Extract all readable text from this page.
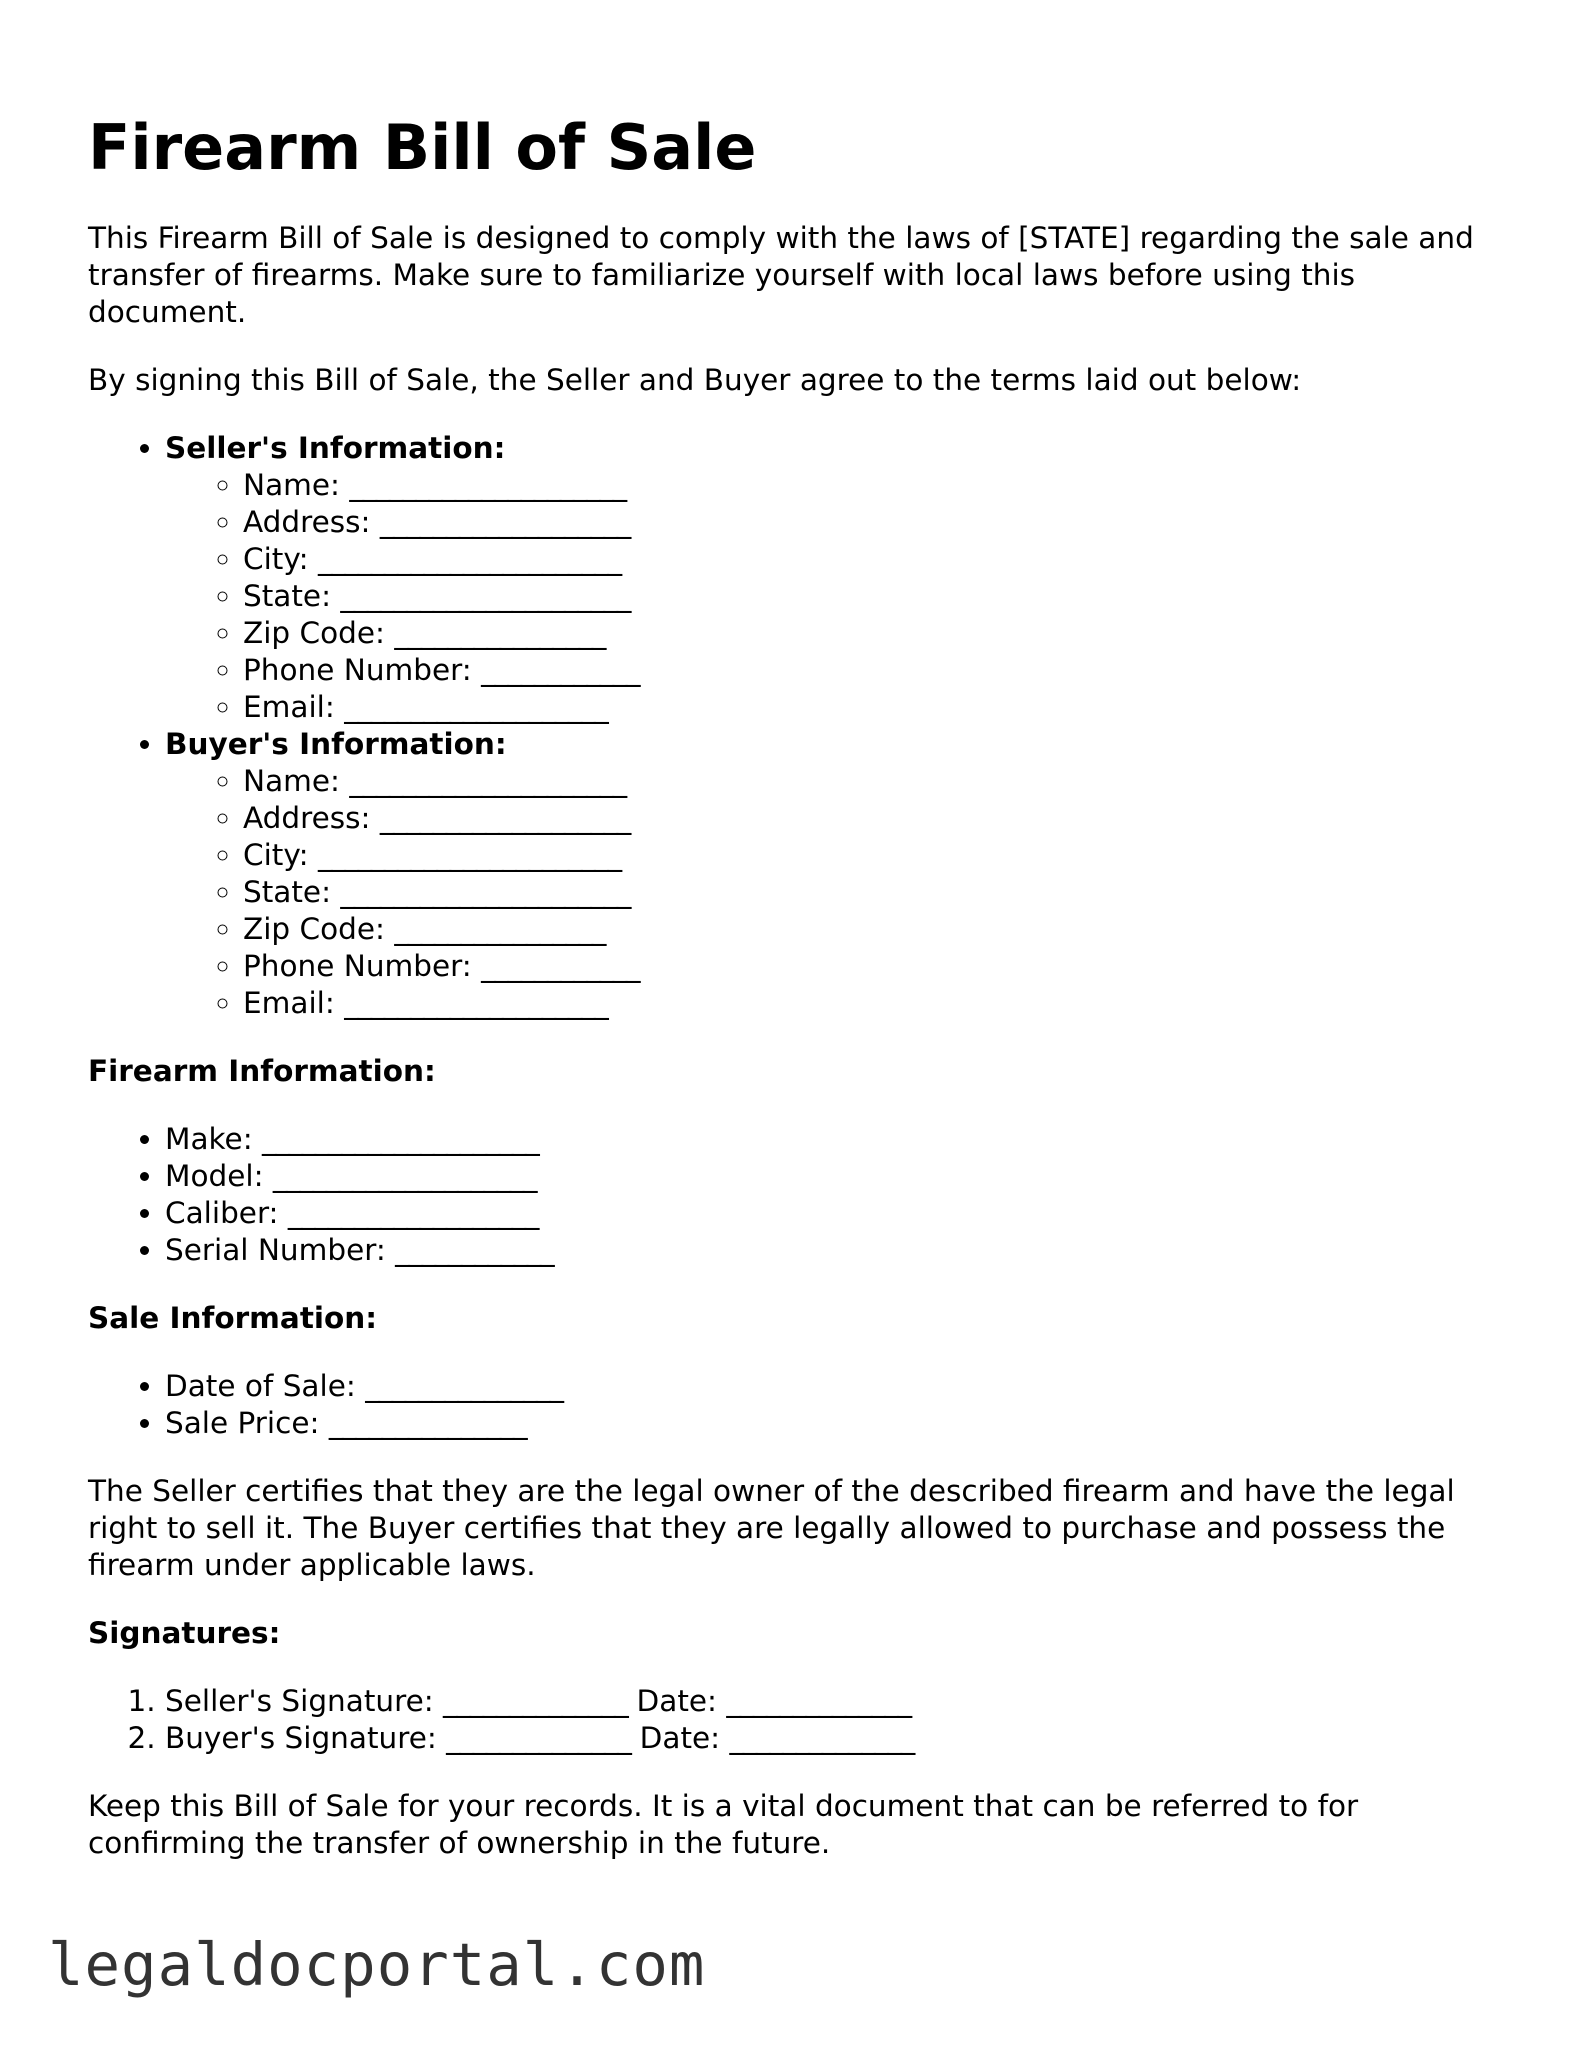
Firearm Bill of Sale

This Firearm Bill of Sale is designed to comply with the laws of [STATE] regarding the sale and transfer of firearms. Make sure to familiarize yourself with local laws before using this document.

By signing this Bill of Sale, the Seller and Buyer agree to the terms laid out below:

• Seller's Information:
◦ Name: _____________________
◦ Address: ___________________
◦ City: _______________________
◦ State: ______________________
◦ Zip Code: ________________
◦ Phone Number: ____________
◦ Email: ____________________
• Buyer's Information:
◦ Name: _____________________
◦ Address: ___________________
◦ City: _______________________
◦ State: ______________________
◦ Zip Code: ________________
◦ Phone Number: ____________
◦ Email: ____________________
Firearm Information:
• Make: _____________________
• Model: ____________________
• Caliber: ___________________
• Serial Number: ____________
Sale Information:
• Date of Sale: _______________
• Sale Price: _______________

The Seller certifies that they are the legal owner of the described firearm and have the legal right to sell it. The Buyer certifies that they are legally allowed to purchase and possess the firearm under applicable laws.

Signatures:
1. Seller's Signature: ______________ Date: ______________
2. Buyer's Signature: ______________ Date: ______________

Keep this Bill of Sale for your records. It is a vital document that can be referred to for confirming the transfer of ownership in the future.

legaldocportal.com
